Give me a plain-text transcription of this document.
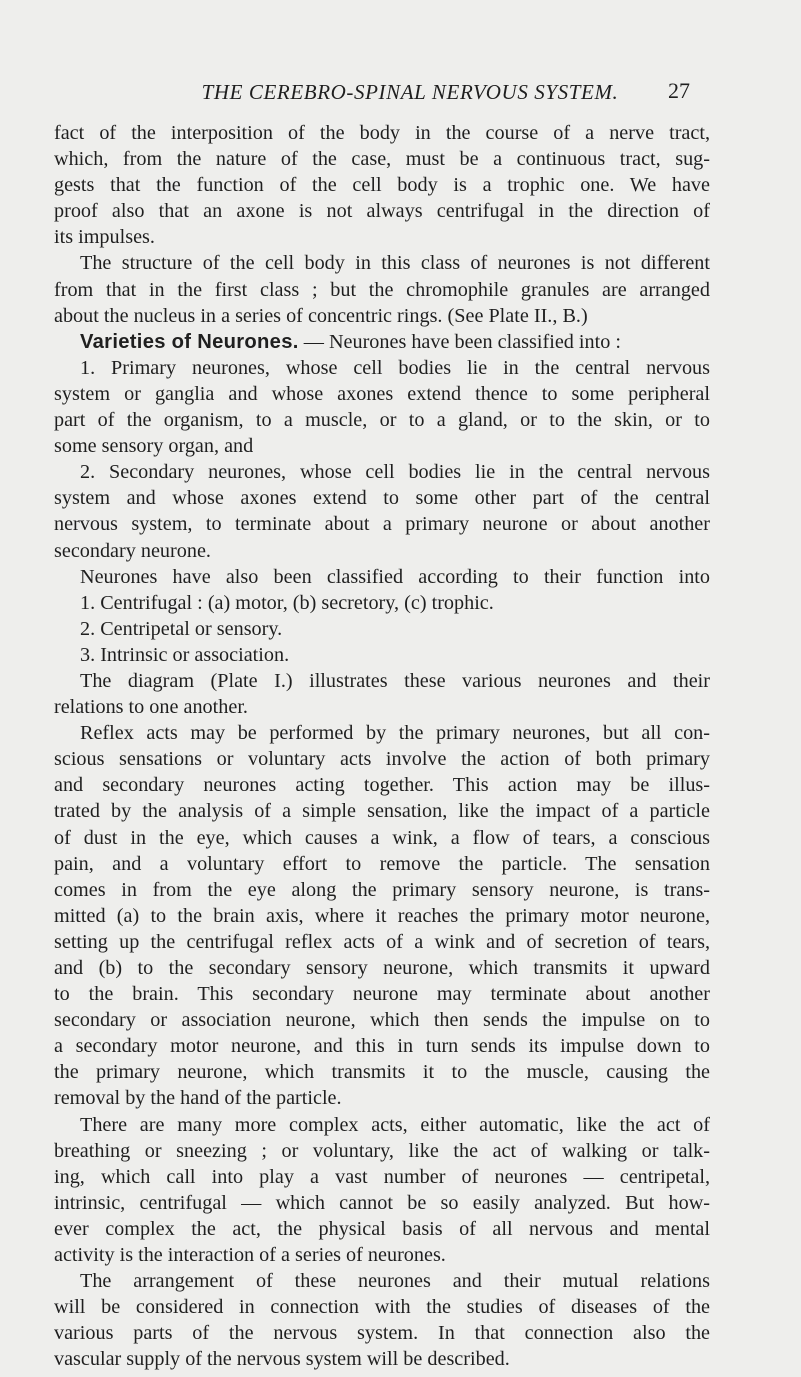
THE CEREBRO-SPINAL NERVOUS SYSTEM.	27
fact of the interposition of the body in the course of a nerve tract,
which, from the nature of the case, must be a continuous tract, sug-
gests that the function of the cell body is a trophic one. We have
proof also that an axone is not always centrifugal in the direction of
its impulses.
The structure of the cell body in this class of neurones is not different
from that in the first class ; but the chromophile granules are arranged
about the nucleus in a series of concentric rings. (See Plate II., B.)
Varieties of Neurones. — Neurones have been classified into :
1. Primary neurones, whose cell bodies lie in the central nervous
system or ganglia and whose axones extend thence to some peripheral
part of the organism, to a muscle, or to a gland, or to the skin, or to
some sensory organ, and
2. Secondary neurones, whose cell bodies lie in the central nervous
system and whose axones extend to some other part of the central
nervous system, to terminate about a primary neurone or about another
secondary neurone.
Neurones have also been classified according to their function into
1. Centrifugal : (a) motor, (b) secretory, (c) trophic.
2. Centripetal or sensory.
3. Intrinsic or association.
The diagram (Plate I.) illustrates these various neurones and their
relations to one another.
Reflex acts may be performed by the primary neurones, but all con-
scious sensations or voluntary acts involve the action of both primary
and secondary neurones acting together. This action may be illus-
trated by the analysis of a simple sensation, like the impact of a particle
of dust in the eye, which causes a wink, a flow of tears, a conscious
pain, and a voluntary effort to remove the particle. The sensation
comes in from the eye along the primary sensory neurone, is trans-
mitted (a) to the brain axis, where it reaches the primary motor neurone,
setting up the centrifugal reflex acts of a wink and of secretion of tears,
and (b) to the secondary sensory neurone, which transmits it upward
to the brain. This secondary neurone may terminate about another
secondary or association neurone, which then sends the impulse on to
a secondary motor neurone, and this in turn sends its impulse down to
the primary neurone, which transmits it to the muscle, causing the
removal by the hand of the particle.
There are many more complex acts, either automatic, like the act of
breathing or sneezing ; or voluntary, like the act of walking or talk-
ing, which call into play a vast number of neurones — centripetal,
intrinsic, centrifugal — which cannot be so easily analyzed. But how-
ever complex the act, the physical basis of all nervous and mental
activity is the interaction of a series of neurones.
The arrangement of these neurones and their mutual relations
will be considered in connection with the studies of diseases of the
various parts of the nervous system. In that connection also the
vascular supply of the nervous system will be described.
